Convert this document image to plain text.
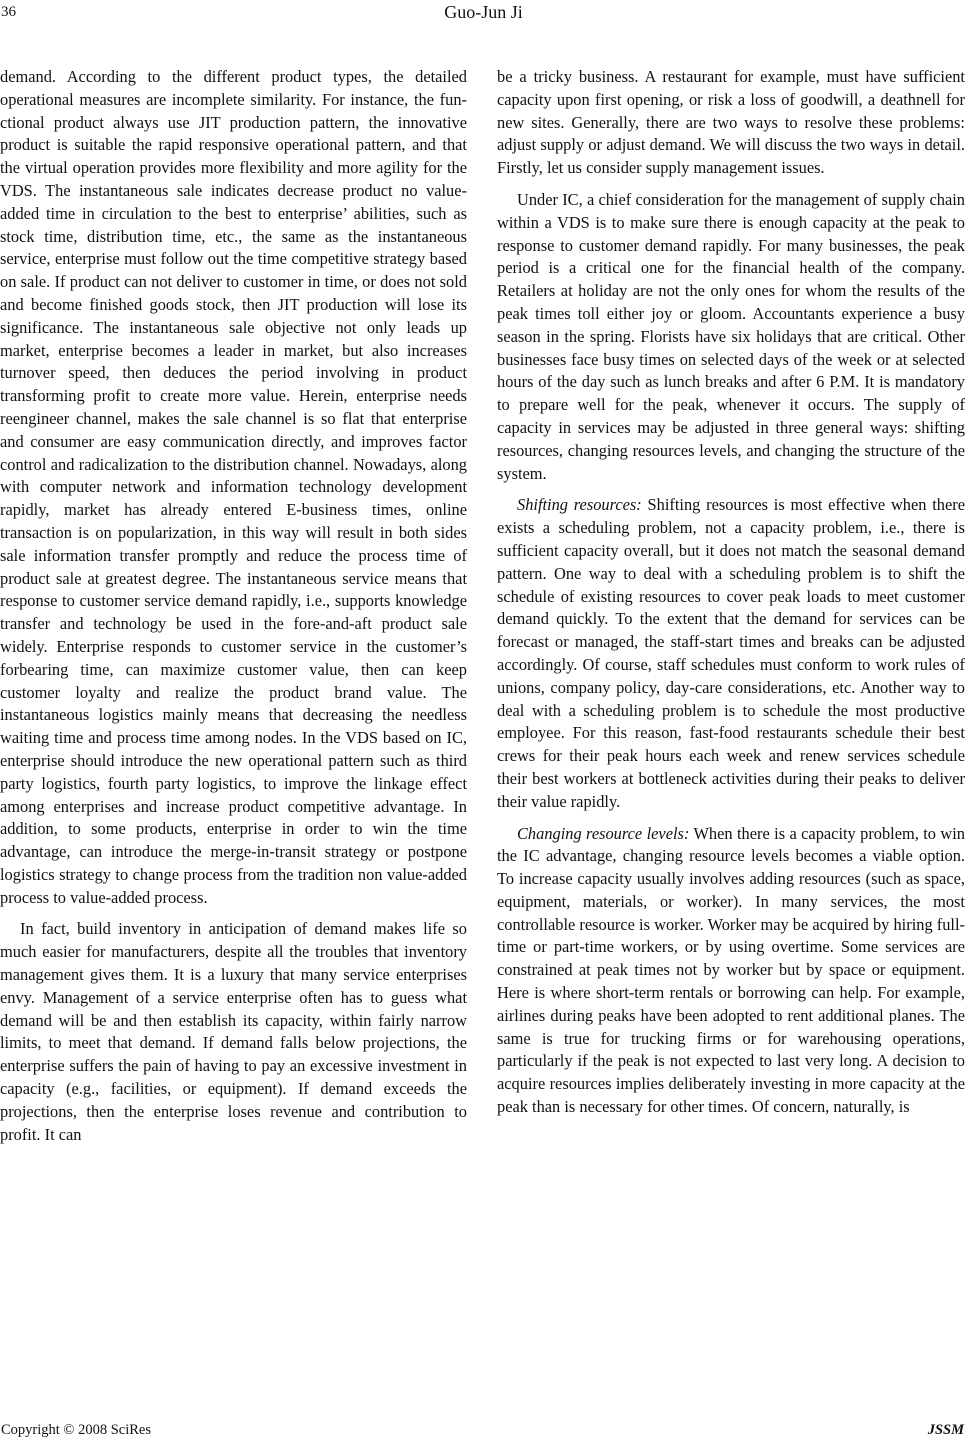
36	Guo-Jun Ji

demand. According to the different product types, the detailed operational measures are incomplete similarity. For instance, the fun-ctional product always use JIT production pattern, the innovative product is suitable the rapid responsive operational pattern, and that the virtual operation provides more flexibility and more agility for the VDS. The instantaneous sale indicates decrease product no value-added time in circulation to the best to enterprise’ abilities, such as stock time, distribution time, etc., the same as the instantaneous service, enterprise must follow out the time competitive strategy based on sale. If product can not deliver to customer in time, or does not sold and become finished goods stock, then JIT production will lose its significance. The instantaneous sale objective not only leads up market, enterprise becomes a leader in market, but also increases turnover speed, then deduces the period involving in product transforming profit to create more value. Herein, enterprise needs reengineer channel, makes the sale channel is so flat that enterprise and consumer are easy communication directly, and improves factor control and radicalization to the distribution channel. Nowadays, along with computer network and information technology development rapidly, market has already entered E-business times, online transaction is on popularization, in this way will result in both sides sale information transfer promptly and reduce the process time of product sale at greatest degree. The instantaneous service means that response to customer service demand rapidly, i.e., supports knowledge transfer and technology be used in the fore-and-aft product sale widely. Enterprise responds to customer service in the customer’s forbearing time, can maximize customer value, then can keep customer loyalty and realize the product brand value. The instantaneous logistics mainly means that decreasing the needless waiting time and process time among nodes. In the VDS based on IC, enterprise should introduce the new operational pattern such as third party logistics, fourth party logistics, to improve the linkage effect among enterprises and increase product competitive advantage. In addition, to some products, enterprise in order to win the time advantage, can introduce the merge-in-transit strategy or postpone logistics strategy to change process from the tradition non value-added process to value-added process.

In fact, build inventory in anticipation of demand makes life so much easier for manufacturers, despite all the troubles that inventory management gives them. It is a luxury that many service enterprises envy. Management of a service enterprise often has to guess what demand will be and then establish its capacity, within fairly narrow limits, to meet that demand. If demand falls below projections, the enterprise suffers the pain of having to pay an excessive investment in capacity (e.g., facilities, or equipment). If demand exceeds the projections, then the enterprise loses revenue and contribution to profit. It can

be a tricky business. A restaurant for example, must have sufficient capacity upon first opening, or risk a loss of goodwill, a deathnell for new sites. Generally, there are two ways to resolve these problems: adjust supply or adjust demand. We will discuss the two ways in detail. Firstly, let us consider supply management issues.

Under IC, a chief consideration for the management of supply chain within a VDS is to make sure there is enough capacity at the peak to response to customer demand rapidly. For many businesses, the peak period is a critical one for the financial health of the company. Retailers at holiday are not the only ones for whom the results of the peak times toll either joy or gloom. Accountants experience a busy season in the spring. Florists have six holidays that are critical. Other businesses face busy times on selected days of the week or at selected hours of the day such as lunch breaks and after 6 P.M. It is mandatory to prepare well for the peak, whenever it occurs. The supply of capacity in services may be adjusted in three general ways: shifting resources, changing resources levels, and changing the structure of the system.

Shifting resources: Shifting resources is most effective when there exists a scheduling problem, not a capacity problem, i.e., there is sufficient capacity overall, but it does not match the seasonal demand pattern. One way to deal with a scheduling problem is to shift the schedule of existing resources to cover peak loads to meet customer demand quickly. To the extent that the demand for services can be forecast or managed, the staff-start times and breaks can be adjusted accordingly. Of course, staff schedules must conform to work rules of unions, company policy, day-care considerations, etc. Another way to deal with a scheduling problem is to schedule the most productive employee. For this reason, fast-food restaurants schedule their best crews for their peak hours each week and renew services schedule their best workers at bottleneck activities during their peaks to deliver their value rapidly.

Changing resource levels: When there is a capacity problem, to win the IC advantage, changing resource levels becomes a viable option. To increase capacity usually involves adding resources (such as space, equipment, materials, or worker). In many services, the most controllable resource is worker. Worker may be acquired by hiring full-time or part-time workers, or by using overtime. Some services are constrained at peak times not by worker but by space or equipment. Here is where short-term rentals or borrowing can help. For example, airlines during peaks have been adopted to rent additional planes. The same is true for trucking firms or for warehousing operations, particularly if the peak is not expected to last very long. A decision to acquire resources implies deliberately investing in more capacity at the peak than is necessary for other times. Of concern, naturally, is

Copyright © 2008 SciRes	JSSM
